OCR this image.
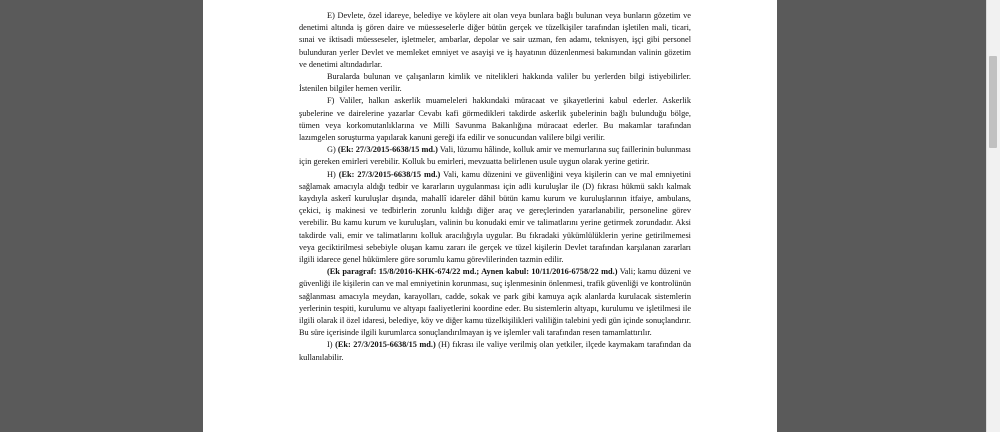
E) Devlete, özel idareye, belediye ve köylere ait olan veya bunlara bağlı bulunan veya bunların gözetim ve denetimi altında iş gören daire ve müesseselerle diğer bütün gerçek ve tüzelkişiler tarafından işletilen mali, ticari, sınai ve iktisadi müesseseler, işletmeler, ambarlar, depolar ve sair uzman, fen adamı, teknisyen, işçi gibi personel bulunduran yerler Devlet ve memleket emniyet ve asayişi ve iş hayatının düzenlenmesi bakımından valinin gözetim ve denetimi altındadırlar.

Buralarda bulunan ve çalışanların kimlik ve nitelikleri hakkında valiler bu yerlerden bilgi istiyebilirler. İstenilen bilgiler hemen verilir.

F) Valiler, halkın askerlik muameleleri hakkındaki müracaat ve şikayetlerini kabul ederler. Askerlik şubelerine ve dairelerine yazarlar Cevabı kafi görmedikleri takdirde askerlik şubelerinin bağlı bulunduğu bölge, tümen veya korkomutanlıklarına ve Milli Savunma Bakanlığına müracaat ederler. Bu makamlar tarafından lazımgelen soruşturma yapılarak kanuni gereği ifa edilir ve sonucundan valilere bilgi verilir.

G) (Ek: 27/3/2015-6638/15 md.) Vali, lüzumu hâlinde, kolluk amir ve memurlarına suç faillerinin bulunması için gereken emirleri verebilir. Kolluk bu emirleri, mevzuatta belirlenen usule uygun olarak yerine getirir.

H) (Ek: 27/3/2015-6638/15 md.) Vali, kamu düzenini ve güvenliğini veya kişilerin can ve mal emniyetini sağlamak amacıyla aldığı tedbir ve kararların uygulanması için adli kuruluşlar ile (D) fıkrası hükmü saklı kalmak kaydıyla askerî kuruluşlar dışında, mahallî idareler dâhil bütün kamu kurum ve kuruluşlarının itfaiye, ambulans, çekici, iş makinesi ve tedbirlerin zorunlu kıldığı diğer araç ve gereçlerinden yararlanabilir, personeline görev verebilir. Bu kamu kurum ve kuruluşları, valinin bu konudaki emir ve talimatlarını yerine getirmek zorundadır. Aksi takdirde vali, emir ve talimatlarını kolluk aracılığıyla uygular. Bu fıkradaki yükümlülüklerin yerine getirilmemesi veya geciktirilmesi sebebiyle oluşan kamu zararı ile gerçek ve tüzel kişilerin Devlet tarafından karşılanan zararları ilgili idarece genel hükümlere göre sorumlu kamu görevlilerinden tazmin edilir.

(Ek paragraf: 15/8/2016-KHK-674/22 md.; Aynen kabul: 10/11/2016-6758/22 md.) Vali; kamu düzeni ve güvenliği ile kişilerin can ve mal emniyetinin korunması, suç işlenmesinin önlenmesi, trafik güvenliği ve kontrolünün sağlanması amacıyla meydan, karayolları, cadde, sokak ve park gibi kamuya açık alanlarda kurulacak sistemlerin yerlerinin tespiti, kurulumu ve altyapı faaliyetlerini koordine eder. Bu sistemlerin altyapı, kurulumu ve işletilmesi ile ilgili olarak il özel idaresi, belediye, köy ve diğer kamu tüzelkişilikleri valiliğin talebini yedi gün içinde sonuçlandırır. Bu süre içerisinde ilgili kurumlarca sonuçlandırılmayan iş ve işlemler vali tarafından resen tamamlattırılır.

I) (Ek: 27/3/2015-6638/15 md.) (H) fıkrası ile valiye verilmiş olan yetkiler, ilçede kaymakam tarafından da kullanılabilir.
